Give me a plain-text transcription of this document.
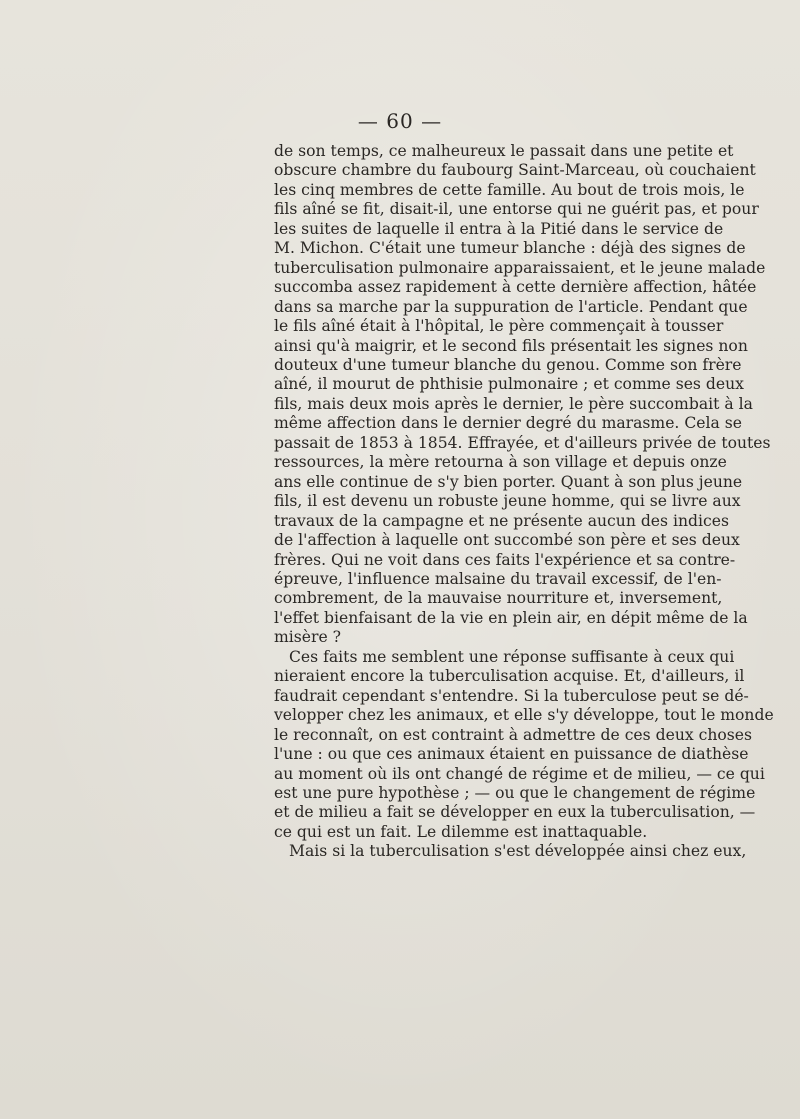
— 60 —

de son temps, ce malheureux le passait dans une petite et
obscure chambre du faubourg Saint-Marceau, où couchaient
les cinq membres de cette famille. Au bout de trois mois, le
fils aîné se fit, disait-il, une entorse qui ne guérit pas, et pour
les suites de laquelle il entra à la Pitié dans le service de
M. Michon. C'était une tumeur blanche : déjà des signes de
tuberculisation pulmonaire apparaissaient, et le jeune malade
succomba assez rapidement à cette dernière affection, hâtée
dans sa marche par la suppuration de l'article. Pendant que
le fils aîné était à l'hôpital, le père commençait à tousser
ainsi qu'à maigrir, et le second fils présentait les signes non
douteux d'une tumeur blanche du genou. Comme son frère
aîné, il mourut de phthisie pulmonaire ; et comme ses deux
fils, mais deux mois après le dernier, le père succombait à la
même affection dans le dernier degré du marasme. Cela se
passait de 1853 à 1854. Effrayée, et d'ailleurs privée de toutes
ressources, la mère retourna à son village et depuis onze
ans elle continue de s'y bien porter. Quant à son plus jeune
fils, il est devenu un robuste jeune homme, qui se livre aux
travaux de la campagne et ne présente aucun des indices
de l'affection à laquelle ont succombé son père et ses deux
frères. Qui ne voit dans ces faits l'expérience et sa contre-
épreuve, l'influence malsaine du travail excessif, de l'en-
combrement, de la mauvaise nourriture et, inversement,
l'effet bienfaisant de la vie en plein air, en dépit même de la
misère ?

Ces faits me semblent une réponse suffisante à ceux qui
nieraient encore la tuberculisation acquise. Et, d'ailleurs, il
faudrait cependant s'entendre. Si la tuberculose peut se dé-
velopper chez les animaux, et elle s'y développe, tout le monde
le reconnaît, on est contraint à admettre de ces deux choses
l'une : ou que ces animaux étaient en puissance de diathèse
au moment où ils ont changé de régime et de milieu, — ce qui
est une pure hypothèse ; — ou que le changement de régime
et de milieu a fait se développer en eux la tuberculisation, —
ce qui est un fait. Le dilemme est inattaquable.

Mais si la tuberculisation s'est développée ainsi chez eux,
